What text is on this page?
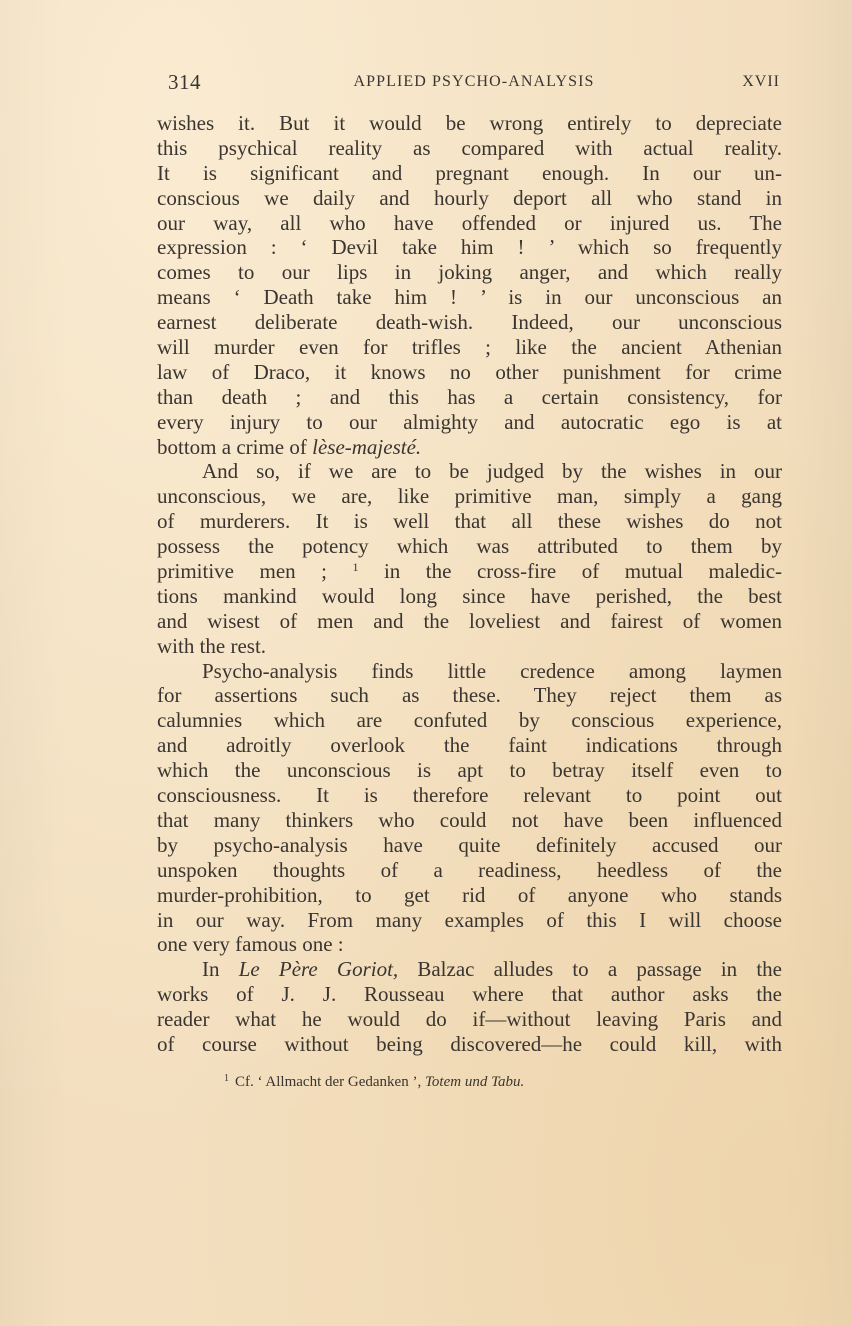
314	APPLIED PSYCHO-ANALYSIS	XVII
wishes it. But it would be wrong entirely to depreciate
this psychical reality as compared with actual reality.
It is significant and pregnant enough. In our un-
conscious we daily and hourly deport all who stand in
our way, all who have offended or injured us. The
expression : ‘ Devil take him ! ’ which so frequently
comes to our lips in joking anger, and which really
means ‘ Death take him ! ’ is in our unconscious an
earnest deliberate death-wish. Indeed, our unconscious
will murder even for trifles ; like the ancient Athenian
law of Draco, it knows no other punishment for crime
than death ; and this has a certain consistency, for
every injury to our almighty and autocratic ego is at
bottom a crime of lèse-majesté.
And so, if we are to be judged by the wishes in our
unconscious, we are, like primitive man, simply a gang
of murderers. It is well that all these wishes do not
possess the potency which was attributed to them by
primitive men ; $^1$ in the cross-fire of mutual maledic-
tions mankind would long since have perished, the best
and wisest of men and the loveliest and fairest of women
with the rest.
Psycho-analysis finds little credence among laymen
for assertions such as these. They reject them as
calumnies which are confuted by conscious experience,
and adroitly overlook the faint indications through
which the unconscious is apt to betray itself even to
consciousness. It is therefore relevant to point out
that many thinkers who could not have been influenced
by psycho-analysis have quite definitely accused our
unspoken thoughts of a readiness, heedless of the
murder-prohibition, to get rid of anyone who stands
in our way. From many examples of this I will choose
one very famous one :
In Le Père Goriot, Balzac alludes to a passage in the
works of J. J. Rousseau where that author asks the
reader what he would do if—without leaving Paris and
of course without being discovered—he could kill, with
$^1$ Cf. ‘ Allmacht der Gedanken ’, Totem und Tabu.
